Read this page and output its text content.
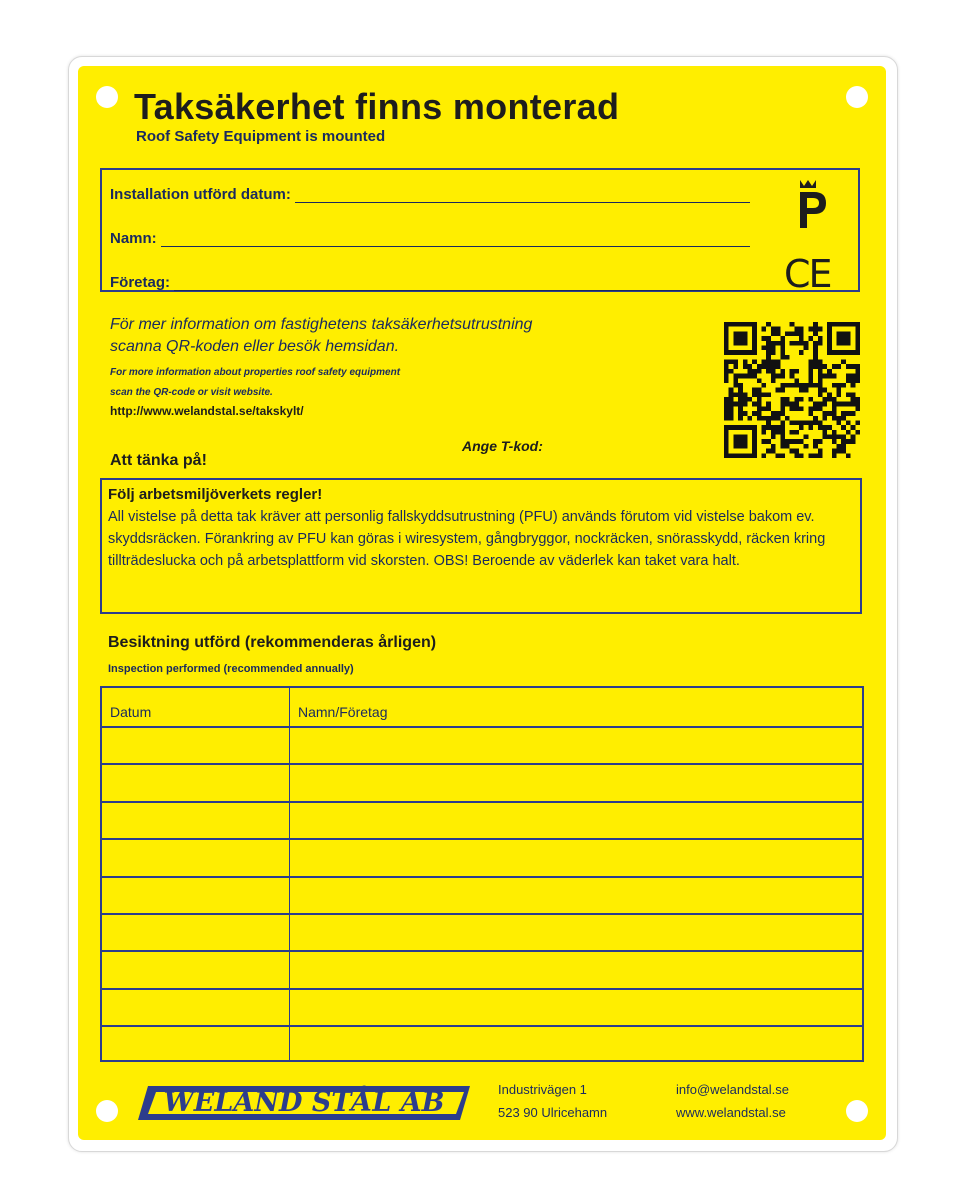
Taksäkerhet finns monterad
Roof Safety Equipment is mounted
Installation utförd datum:
Namn:
Företag:	CE
För mer information om fastighetens taksäkerhetsutrustning
scanna QR-koden eller besök hemsidan.
For more information about properties roof safety equipment
scan the QR-code or visit website.
http://www.welandstal.se/takskylt/
Ange T-kod:
Att tänka på!
Följ arbetsmiljöverkets regler!

All vistelse på detta tak kräver att personlig fallskyddsutrustning (PFU) används förutom vid vistelse bakom ev. skyddsräcken. Förankring av PFU kan göras i wiresystem, gångbryggor, nockräcken, snörasskydd, räcken kring tillträdeslucka och på arbetsplattform vid skorsten. OBS! Beroende av väderlek kan taket vara halt.

Besiktning utförd (rekommenderas årligen)
Inspection performed (recommended annually)
Datum	Namn/Företag
WELAND STÅL AB	Industrivägen 1
523 90 Ulricehamn
info@welandstal.se
www.welandstal.se
